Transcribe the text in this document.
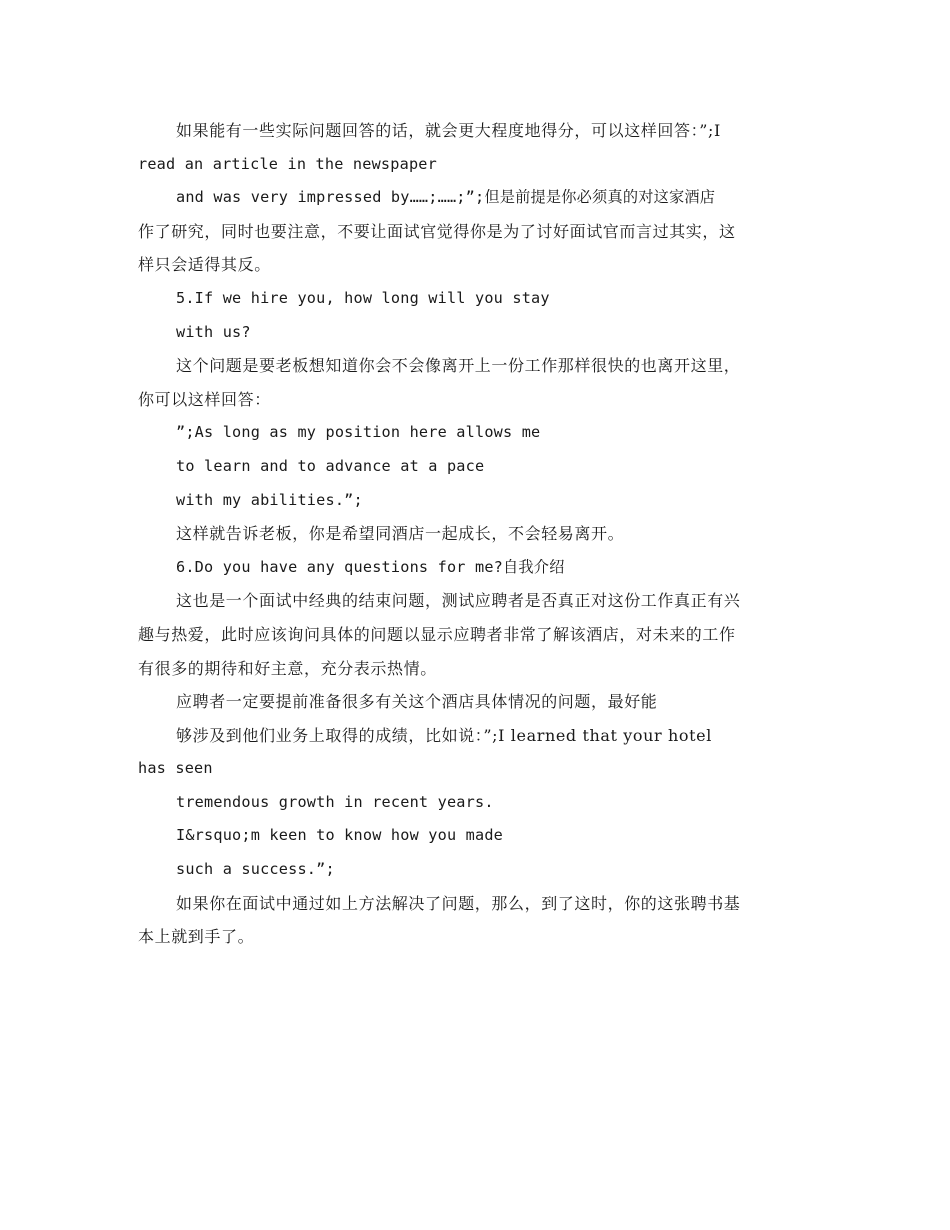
如果能有一些实际问题回答的话，就会更大程度地得分，可以这样回答：”;I
read an article in the newspaper
and was very impressed by……;……;”;但是前提是你必须真的对这家酒店
作了研究，同时也要注意，不要让面试官觉得你是为了讨好面试官而言过其实，这
样只会适得其反。
5.If we hire you, how long will you stay
with us?
这个问题是要老板想知道你会不会像离开上一份工作那样很快的也离开这里，
你可以这样回答：
”;As long as my position here allows me
to learn and to advance at a pace
with my abilities.”;
这样就告诉老板，你是希望同酒店一起成长，不会轻易离开。
6.Do you have any questions for me?自我介绍
这也是一个面试中经典的结束问题，测试应聘者是否真正对这份工作真正有兴
趣与热爱，此时应该询问具体的问题以显示应聘者非常了解该酒店，对未来的工作
有很多的期待和好主意，充分表示热情。
应聘者一定要提前准备很多有关这个酒店具体情况的问题，最好能
够涉及到他们业务上取得的成绩，比如说：”;I learned that your hotel
has seen
tremendous growth in recent years.
I&rsquo;m keen to know how you made
such a success.”;
如果你在面试中通过如上方法解决了问题，那么，到了这时，你的这张聘书基
本上就到手了。
